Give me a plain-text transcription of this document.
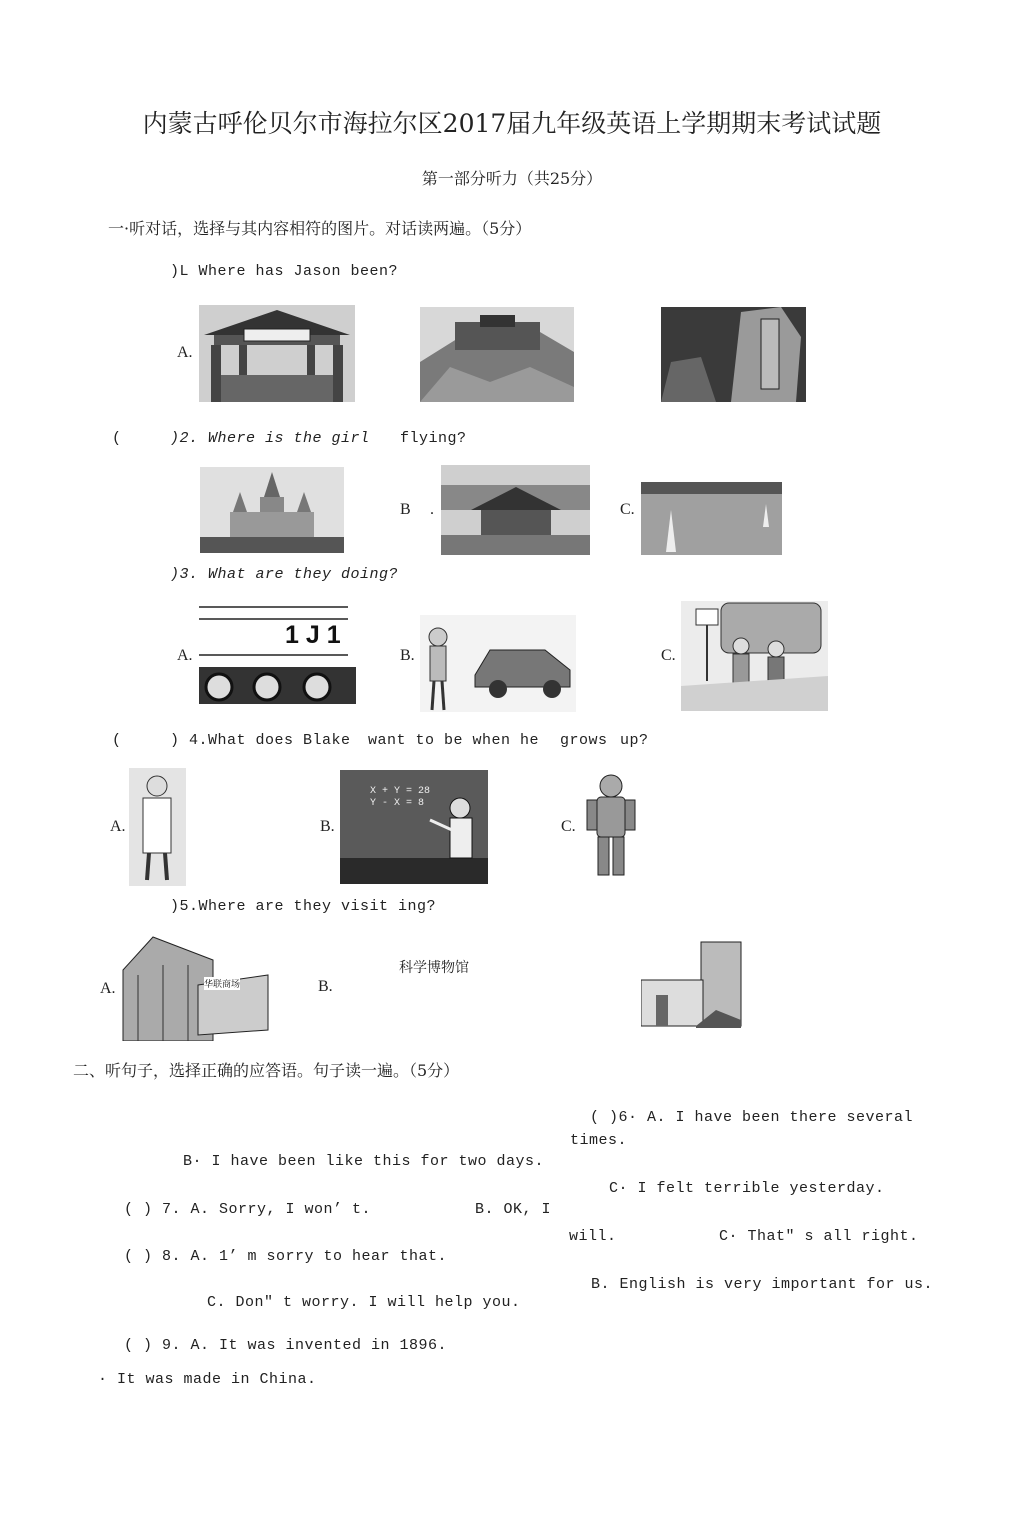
内蒙古呼伦贝尔市海拉尔区2017届九年级英语上学期期末考试试题
第一部分听力（共25分）
一·听对话，选择与其内容相符的图片。对话读两遍。（5分）
)L Where has Jason been?
A.
(	)2. Where is the girl flying?
B .	C.
)3. What are they doing?
A.
1 J 1
B.	C.
(	) 4.What does Blake want to be when he grows up?
A.	B.
X + Y = 28
Y - X = 8
C.
)5.Where are they visit ing?
A.	华联商场	B.
科学博物馆
二、听句子，选择正确的应答语。句子读一遍。（5分）
( )6· A. I have been there several
times.
B· I have been like this for two days.
C· I felt terrible yesterday.
( ) 7. A. Sorry, I won’ t.	B. OK, I
will.	C· That" s all right.
( ) 8. A. 1’ m sorry to hear that.
B. English is very important for us.
C. Don" t worry. I will help you.
( ) 9. A. It was invented in 1896.
· It was made in China.
